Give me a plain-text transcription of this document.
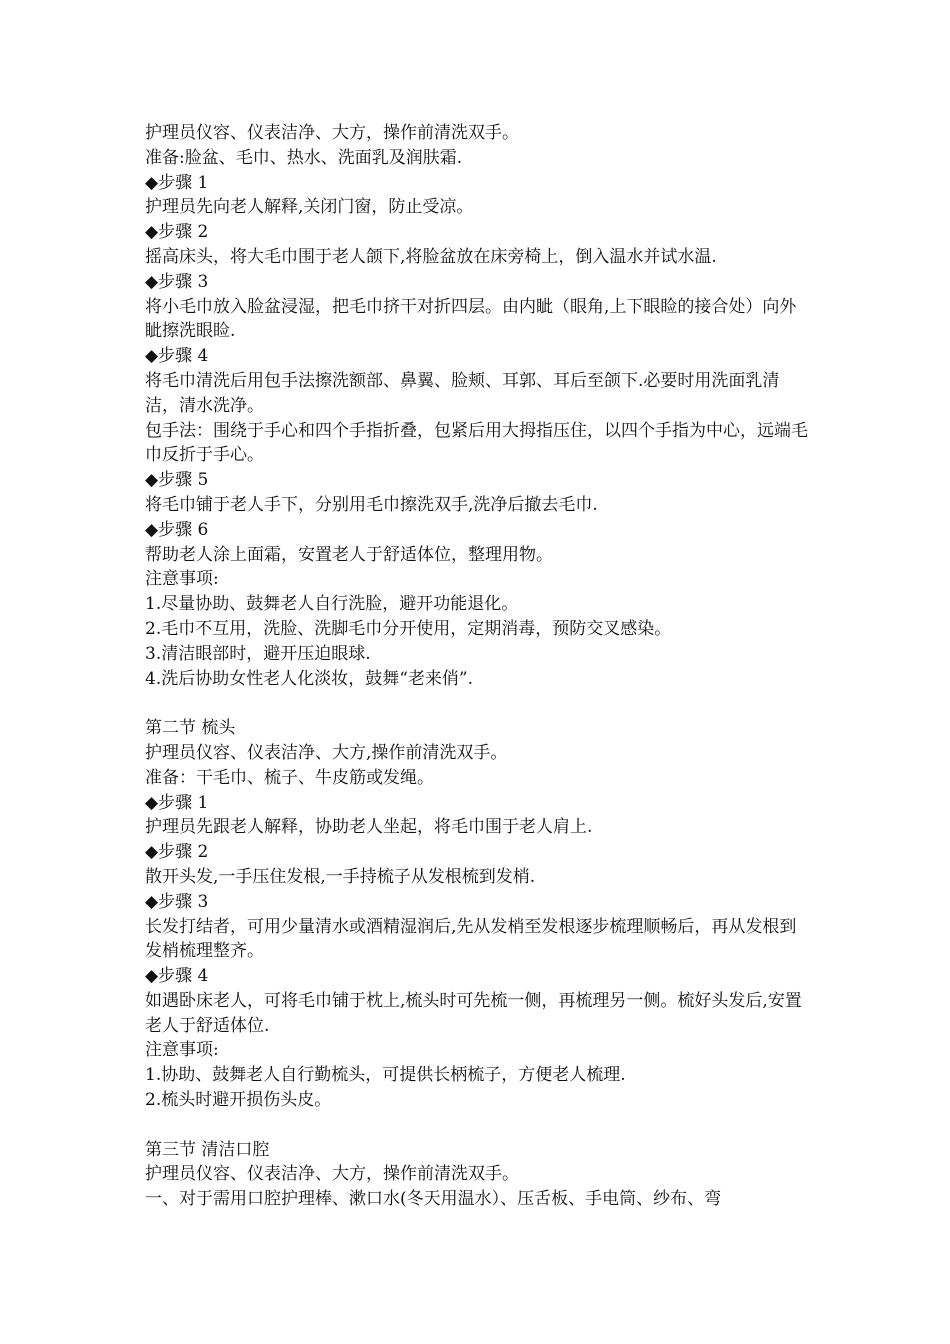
护理员仪容、仪表洁净、大方，操作前清洗双手。

准备:脸盆、毛巾、热水、洗面乳及润肤霜.

◆步骤 1

护理员先向老人解释,关闭门窗，防止受凉。

◆步骤 2

摇高床头，将大毛巾围于老人颌下,将脸盆放在床旁椅上，倒入温水并试水温.

◆步骤 3

将小毛巾放入脸盆浸湿，把毛巾挤干对折四层。由内眦（眼角,上下眼睑的接合处）向外眦擦洗眼睑.

◆步骤 4

将毛巾清洗后用包手法擦洗额部、鼻翼、脸颊、耳郭、耳后至颌下.必要时用洗面乳清洁，清水洗净。

包手法：围绕于手心和四个手指折叠，包紧后用大拇指压住，以四个手指为中心，远端毛巾反折于手心。

◆步骤 5

将毛巾铺于老人手下，分别用毛巾擦洗双手,洗净后撤去毛巾.

◆步骤 6

帮助老人涂上面霜，安置老人于舒适体位，整理用物。

注意事项:

1.尽量协助、鼓舞老人自行洗脸，避开功能退化。

2.毛巾不互用，洗脸、洗脚毛巾分开使用，定期消毒，预防交叉感染。

3.清洁眼部时，避开压迫眼球.

4.洗后协助女性老人化淡妆，鼓舞“老来俏”.

第二节 梳头

护理员仪容、仪表洁净、大方,操作前清洗双手。

准备：干毛巾、梳子、牛皮筋或发绳。

◆步骤 1

护理员先跟老人解释，协助老人坐起，将毛巾围于老人肩上.

◆步骤 2

散开头发,一手压住发根,一手持梳子从发根梳到发梢.

◆步骤 3

长发打结者，可用少量清水或酒精湿润后,先从发梢至发根逐步梳理顺畅后，再从发根到发梢梳理整齐。

◆步骤 4

如遇卧床老人，可将毛巾铺于枕上,梳头时可先梳一侧，再梳理另一侧。梳好头发后,安置老人于舒适体位.

注意事项:

1.协助、鼓舞老人自行勤梳头，可提供长柄梳子，方便老人梳理.

2.梳头时避开损伤头皮。

第三节 清洁口腔

护理员仪容、仪表洁净、大方，操作前清洗双手。

一、对于需用口腔护理棒、漱口水(冬天用温水）、压舌板、手电筒、纱布、弯
